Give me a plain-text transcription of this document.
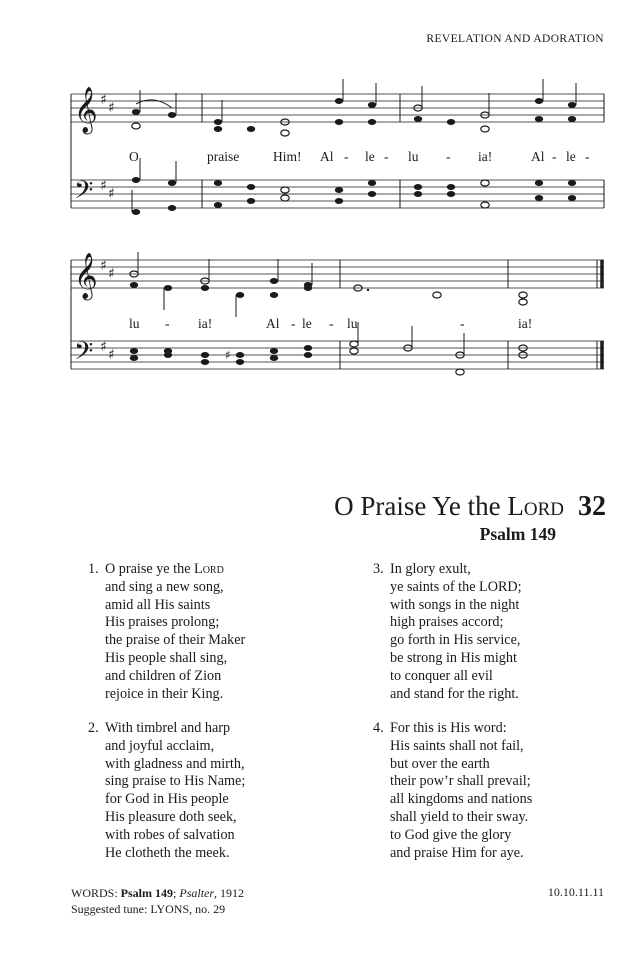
REVELATION AND ADORATION
𝄞
𝄢
♯ ♯
♯ ♯
O	praise	Him! Al - le - lu - ia!	Al - le -
𝄞
𝄢
♯ ♯
♯ ♯	♯
lu - ia!	Al - le - lu	-	ia!
O Praise Ye the Lord 32
Psalm 149
1. O praise ye the Lord
and sing a new song,
amid all His saints
His praises prolong;
the praise of their Maker
His people shall sing,
and children of Zion
rejoice in their King.
2. With timbrel and harp
and joyful acclaim,
with gladness and mirth,
sing praise to His Name;
for God in His people
His pleasure doth seek,
with robes of salvation
He clotheth the meek.
3. In glory exult,
ye saints of the LORD;
with songs in the night
high praises accord;
go forth in His service,
be strong in His might
to conquer all evil
and stand for the right.
4. For this is His word:
His saints shall not fail,
but over the earth
their pow’r shall prevail;
all kingdoms and nations
shall yield to their sway.
to God give the glory
and praise Him for aye.
WORDS: Psalm 149; Psalter, 1912
Suggested tune: LYONS, no. 29
10.10.11.11
